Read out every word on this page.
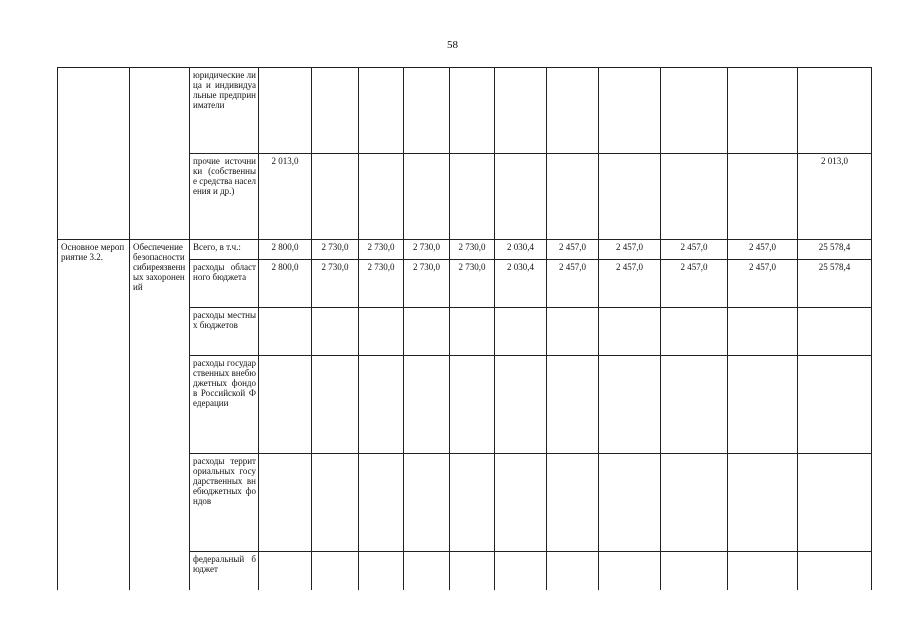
58
		юридические лица и индивидуальные предприниматели											
		прочие источники (собственные средства населения и др.)	2 013,0										2 013,0
Основное мероприятие 3.2.	Обеспечение безопасности сибиреязвенных захоронений	Всего, в т.ч.:	2 800,0	2 730,0	2 730,0	2 730,0	2 730,0	2 030,4	2 457,0	2 457,0	2 457,0	2 457,0	25 578,4
		расходы областного бюджета	2 800,0	2 730,0	2 730,0	2 730,0	2 730,0	2 030,4	2 457,0	2 457,0	2 457,0	2 457,0	25 578,4
		расходы местных бюджетов											
		расходы государственных внебюджетных фондов Российской Федерации											
		расходы территориальных государственных внебюджетных фондов											
		федеральный бюджет											
